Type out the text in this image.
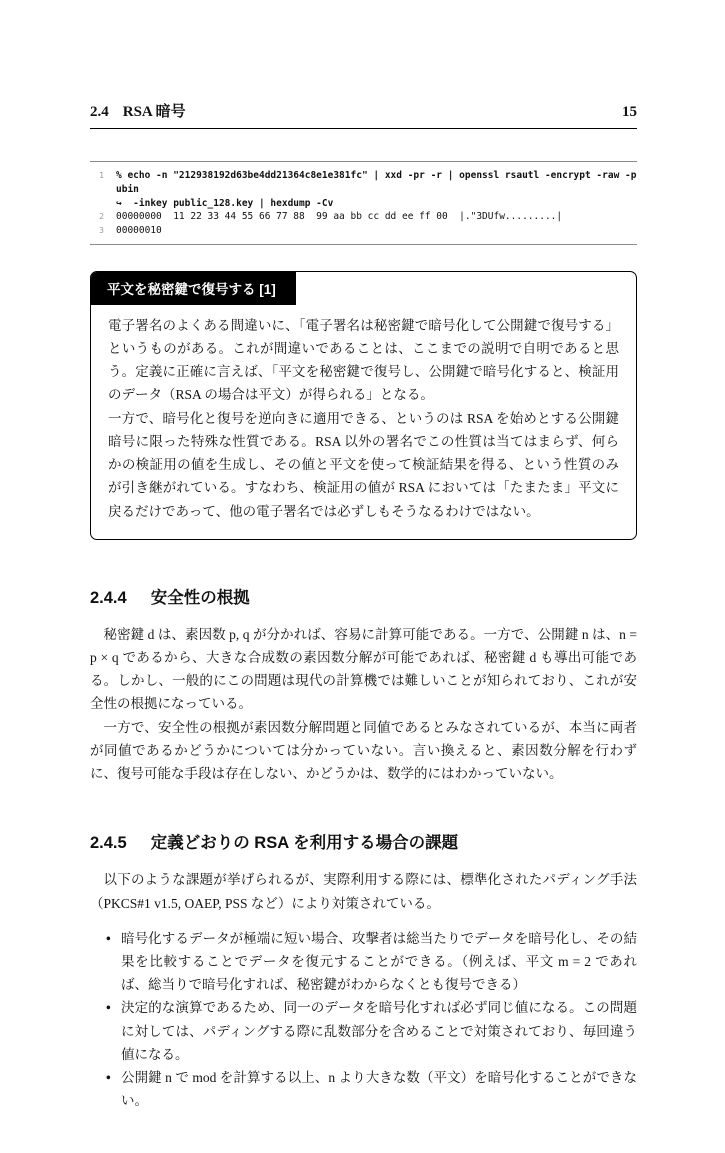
2.4 RSA 暗号	15
1 % echo -n "212938192d63be4dd21364c8e1e381fc" | xxd -pr -r | openssl rsautl -encrypt -raw -pubin
↪  -inkey public_128.key | hexdump -Cv
2 00000000  11 22 33 44 55 66 77 88  99 aa bb cc dd ee ff 00  |."3DUfw.........|
3 00000010
平文を秘密鍵で復号する [1]

電子署名のよくある間違いに、「電子署名は秘密鍵で暗号化して公開鍵で復号する」というものがある。これが間違いであることは、ここまでの説明で自明であると思う。定義に正確に言えば、「平文を秘密鍵で復号し、公開鍵で暗号化すると、検証用のデータ（RSA の場合は平文）が得られる」となる。

一方で、暗号化と復号を逆向きに適用できる、というのは RSA を始めとする公開鍵暗号に限った特殊な性質である。RSA 以外の署名でこの性質は当てはまらず、何らかの検証用の値を生成し、その値と平文を使って検証結果を得る、という性質のみが引き継がれている。すなわち、検証用の値が RSA においては「たまたま」平文に戻るだけであって、他の電子署名では必ずしもそうなるわけではない。

2.4.4 安全性の根拠

秘密鍵 d は、素因数 p, q が分かれば、容易に計算可能である。一方で、公開鍵 n は、n = p × q であるから、大きな合成数の素因数分解が可能であれば、秘密鍵 d も導出可能である。しかし、一般的にこの問題は現代の計算機では難しいことが知られており、これが安全性の根拠になっている。

一方で、安全性の根拠が素因数分解問題と同値であるとみなされているが、本当に両者が同値であるかどうかについては分かっていない。言い換えると、素因数分解を行わずに、復号可能な手段は存在しない、かどうかは、数学的にはわかっていない。

2.4.5 定義どおりの RSA を利用する場合の課題

以下のような課題が挙げられるが、実際利用する際には、標準化されたパディング手法（PKCS#1 v1.5, OAEP, PSS など）により対策されている。

• 暗号化するデータが極端に短い場合、攻撃者は総当たりでデータを暗号化し、その結果を比較することでデータを復元することができる。（例えば、平文 m = 2 であれば、総当りで暗号化すれば、秘密鍵がわからなくとも復号できる）
• 決定的な演算であるため、同一のデータを暗号化すれば必ず同じ値になる。この問題に対しては、パディングする際に乱数部分を含めることで対策されており、毎回違う値になる。
• 公開鍵 n で mod を計算する以上、n より大きな数（平文）を暗号化することができない。
